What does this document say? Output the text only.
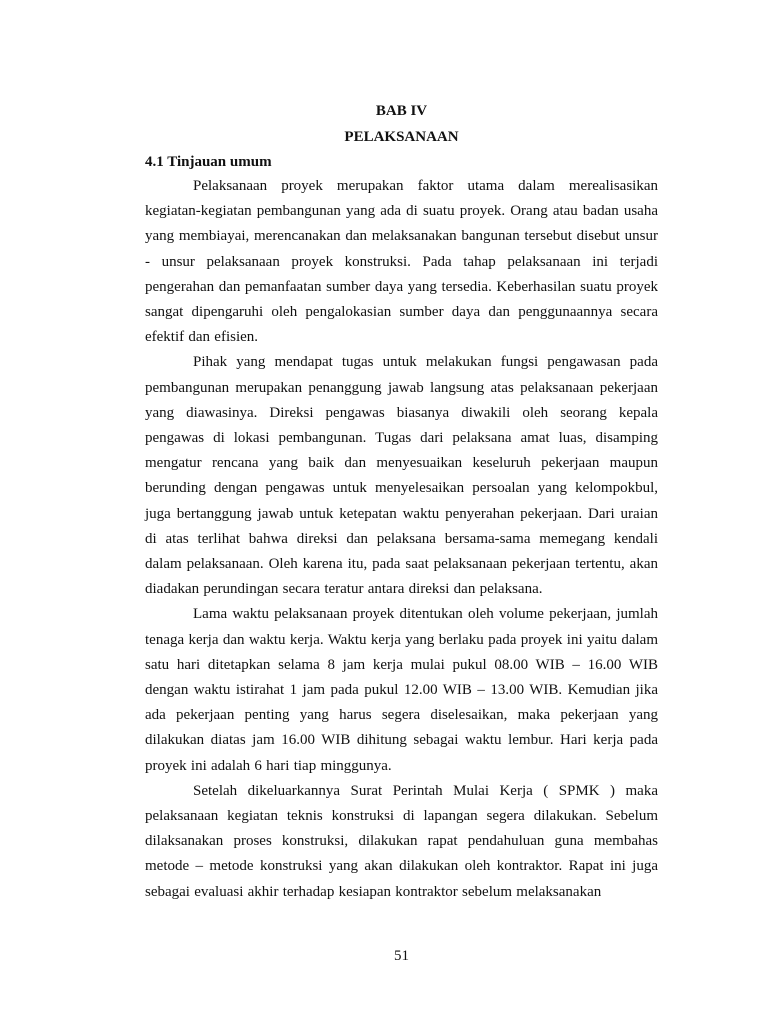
BAB IV
PELAKSANAAN
4.1 Tinjauan umum

Pelaksanaan proyek merupakan faktor utama dalam merealisasikan kegiatan-kegiatan pembangunan yang ada di suatu proyek. Orang atau badan usaha yang membiayai, merencanakan dan melaksanakan bangunan tersebut disebut unsur - unsur pelaksanaan proyek konstruksi. Pada tahap pelaksanaan ini terjadi pengerahan dan pemanfaatan sumber daya yang tersedia. Keberhasilan suatu proyek sangat dipengaruhi oleh pengalokasian sumber daya dan penggunaannya secara efektif dan efisien.

Pihak yang mendapat tugas untuk melakukan fungsi pengawasan pada pembangunan merupakan penanggung jawab langsung atas pelaksanaan pekerjaan yang diawasinya. Direksi pengawas biasanya diwakili oleh seorang kepala pengawas di lokasi pembangunan. Tugas dari pelaksana amat luas, disamping mengatur rencana yang baik dan menyesuaikan keseluruh pekerjaan maupun berunding dengan pengawas untuk menyelesaikan persoalan yang kelompokbul, juga bertanggung jawab untuk ketepatan waktu penyerahan pekerjaan. Dari uraian di atas terlihat bahwa direksi dan pelaksana bersama-sama memegang kendali dalam pelaksanaan. Oleh karena itu, pada saat pelaksanaan pekerjaan tertentu, akan diadakan perundingan secara teratur antara direksi dan pelaksana.

Lama waktu pelaksanaan proyek ditentukan oleh volume pekerjaan, jumlah tenaga kerja dan waktu kerja. Waktu kerja yang berlaku pada proyek ini yaitu dalam satu hari ditetapkan selama 8 jam kerja mulai pukul 08.00 WIB – 16.00 WIB dengan waktu istirahat 1 jam pada pukul 12.00 WIB – 13.00 WIB. Kemudian jika ada pekerjaan penting yang harus segera diselesaikan, maka pekerjaan yang dilakukan diatas jam 16.00 WIB dihitung sebagai waktu lembur. Hari kerja pada proyek ini adalah 6 hari tiap minggunya.

Setelah dikeluarkannya Surat Perintah Mulai Kerja ( SPMK ) maka pelaksanaan kegiatan teknis konstruksi di lapangan segera dilakukan. Sebelum dilaksanakan proses konstruksi, dilakukan rapat pendahuluan guna membahas metode – metode konstruksi yang akan dilakukan oleh kontraktor. Rapat ini juga sebagai evaluasi akhir terhadap kesiapan kontraktor sebelum melaksanakan

51
